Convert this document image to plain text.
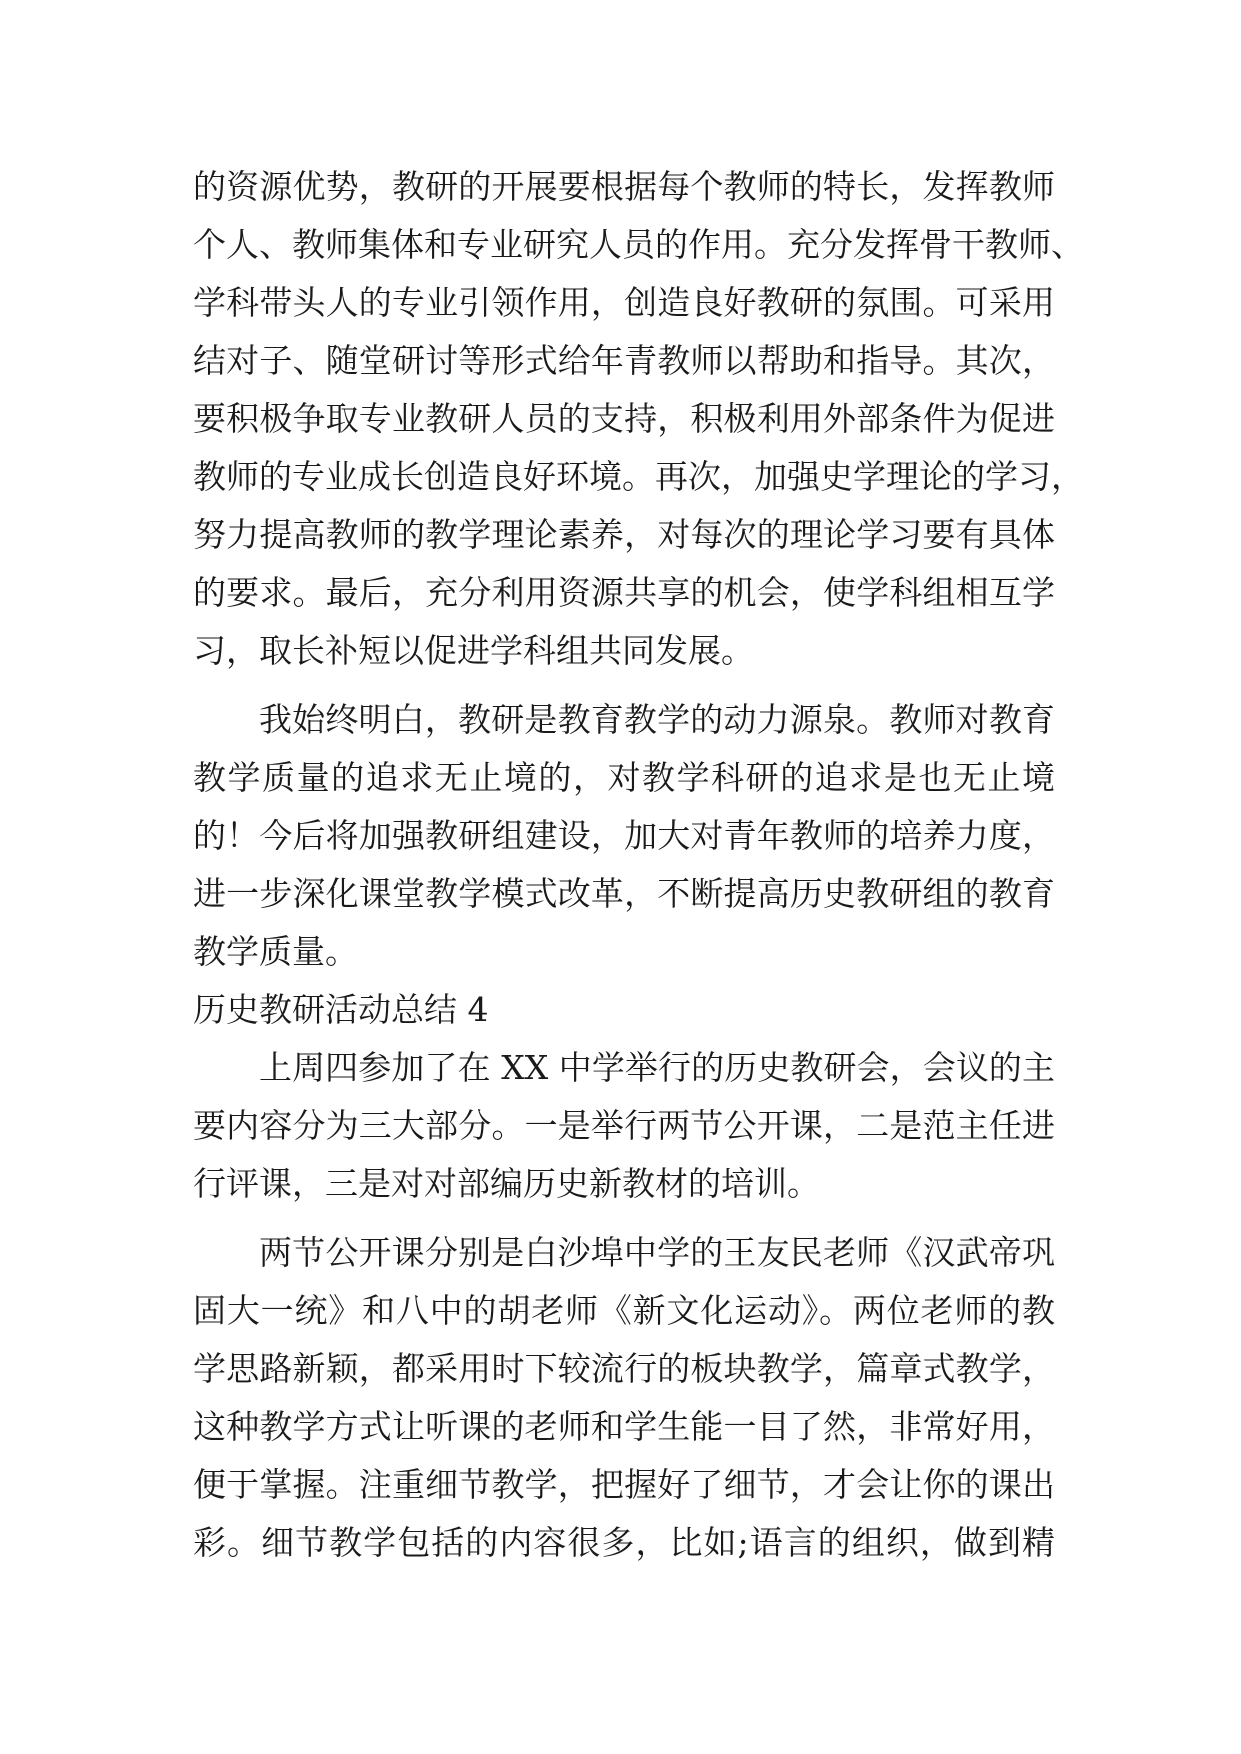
的资源优势，教研的开展要根据每个教师的特长，发挥教师
个人、教师集体和专业研究人员的作用。充分发挥骨干教师、
学科带头人的专业引领作用，创造良好教研的氛围。可采用
结对子、随堂研讨等形式给年青教师以帮助和指导。其次，
要积极争取专业教研人员的支持，积极利用外部条件为促进
教师的专业成长创造良好环境。再次，加强史学理论的学习，
努力提高教师的教学理论素养，对每次的理论学习要有具体
的要求。最后，充分利用资源共享的机会，使学科组相互学
习，取长补短以促进学科组共同发展。
我始终明白，教研是教育教学的动力源泉。教师对教育
教学质量的追求无止境的，对教学科研的追求是也无止境
的！今后将加强教研组建设，加大对青年教师的培养力度，
进一步深化课堂教学模式改革，不断提高历史教研组的教育
教学质量。
历史教研活动总结 4
上周四参加了在 XX 中学举行的历史教研会，会议的主
要内容分为三大部分。一是举行两节公开课，二是范主任进
行评课，三是对对部编历史新教材的培训。
两节公开课分别是白沙埠中学的王友民老师《汉武帝巩
固大一统》和八中的胡老师《新文化运动》。两位老师的教
学思路新颖，都采用时下较流行的板块教学，篇章式教学，
这种教学方式让听课的老师和学生能一目了然，非常好用，
便于掌握。注重细节教学，把握好了细节，才会让你的课出
彩。细节教学包括的内容很多，比如;语言的组织，做到精
